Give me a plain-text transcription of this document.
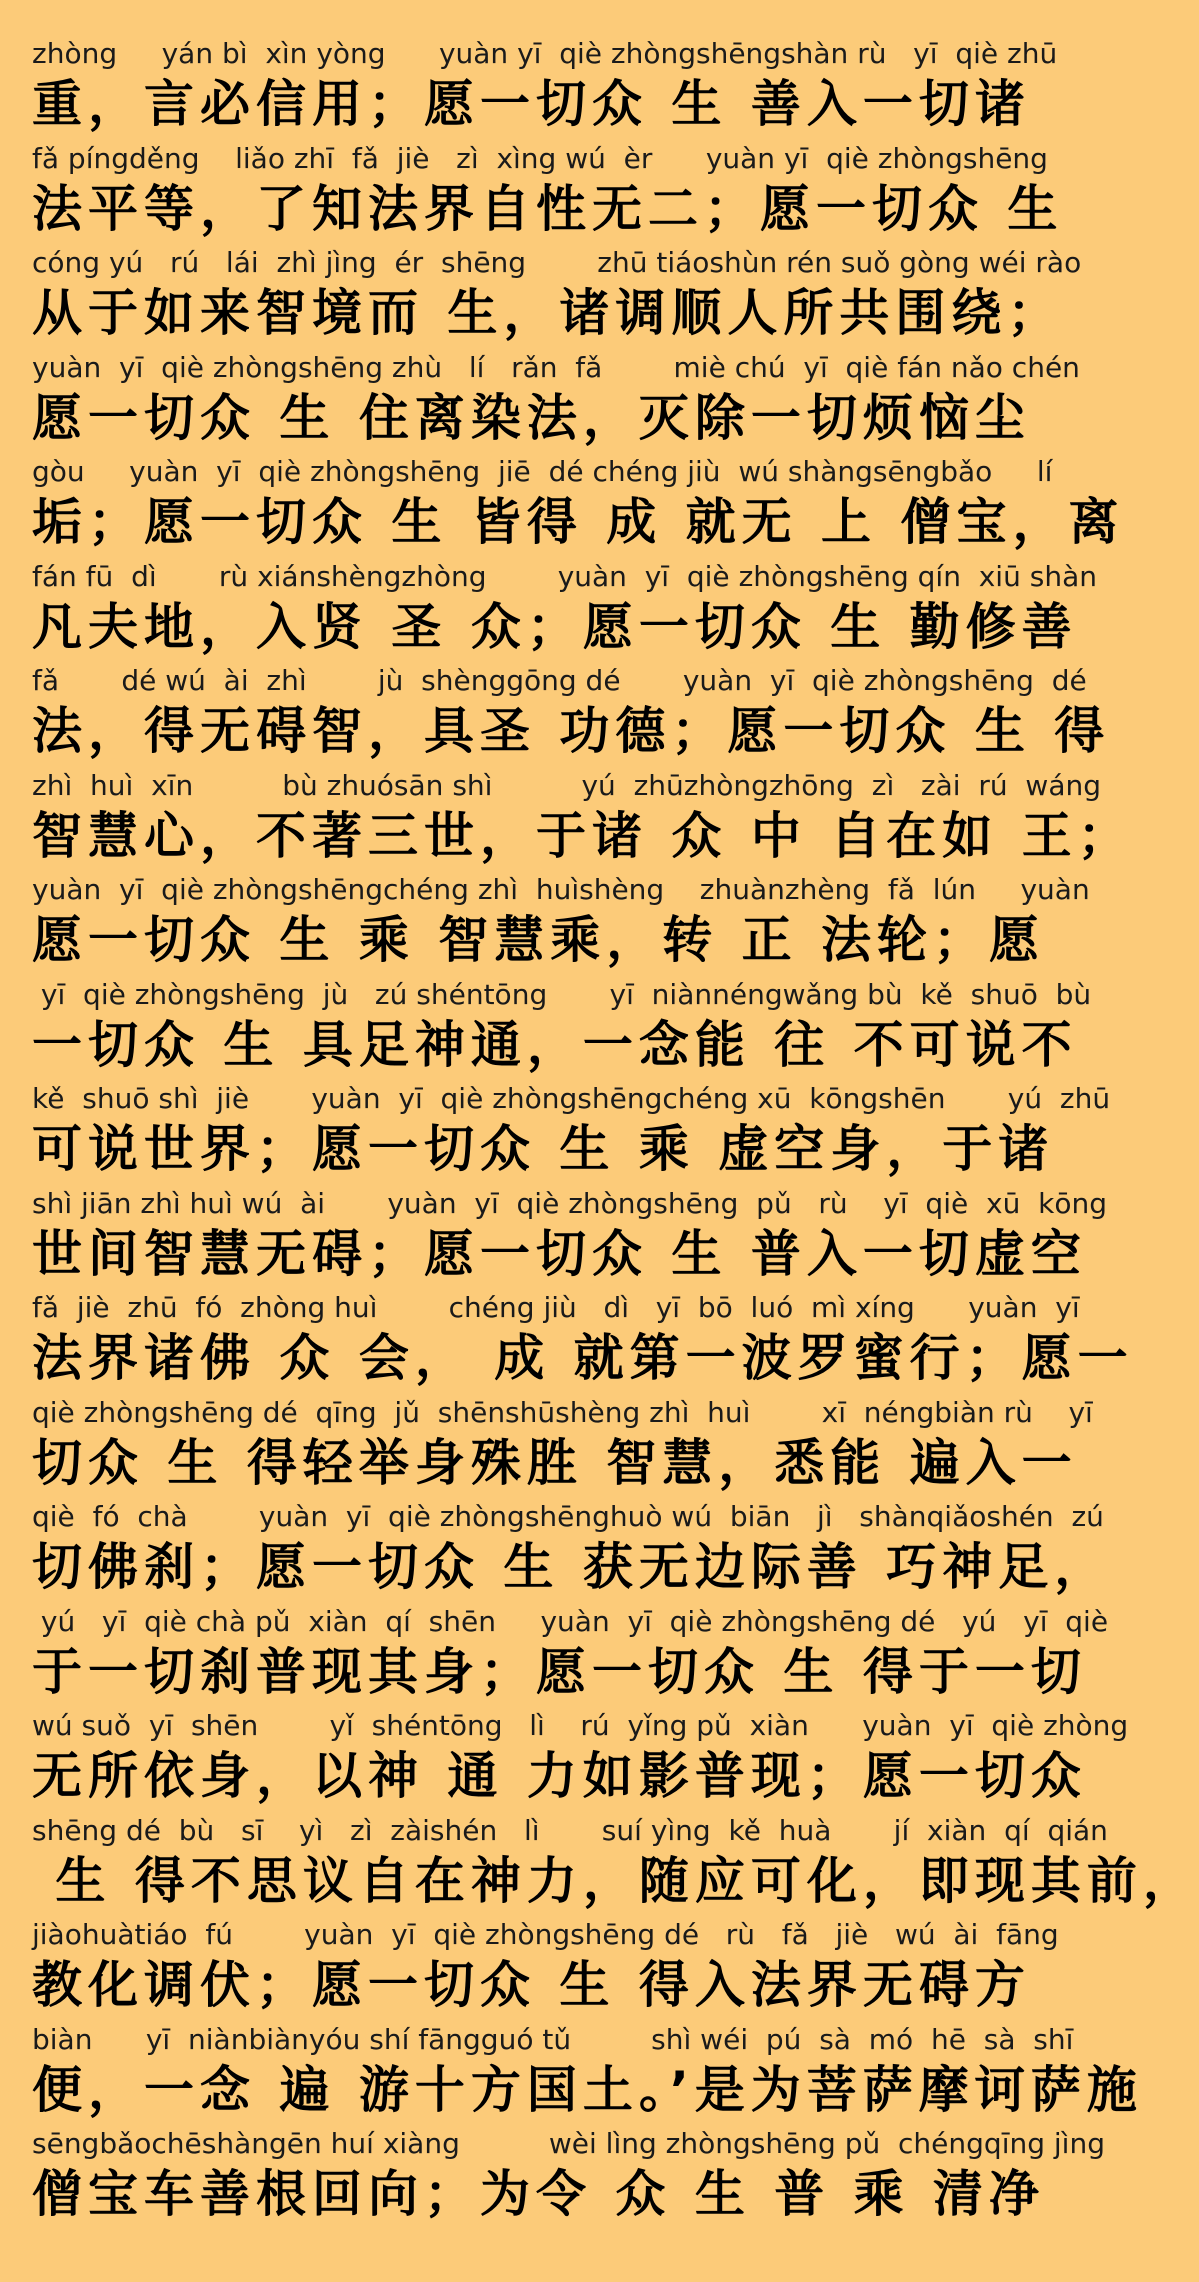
zhòng     yán bì  xìn yòng      yuàn yī  qiè zhòngshēngshàn rù   yī  qiè zhū
重，言必信用；愿一切众 生 善入一切诸
fǎ píngděng    liǎo zhī  fǎ  jiè   zì  xìng wú  èr      yuàn yī  qiè zhòngshēng
法平等，了知法界自性无二；愿一切众 生
cóng yú   rú   lái  zhì jìng  ér  shēng        zhū tiáoshùn rén suǒ gòng wéi rào
从于如来智境而 生，诸调顺人所共围绕；
yuàn  yī  qiè zhòngshēng zhù   lí   rǎn  fǎ        miè chú  yī  qiè fán nǎo chén
愿一切众 生 住离染法，灭除一切烦恼尘
gòu     yuàn  yī  qiè zhòngshēng  jiē  dé chéng jiù  wú shàngsēngbǎo     lí
垢；愿一切众 生 皆得 成 就无 上 僧宝，离
fán fū  dì       rù xiánshèngzhòng        yuàn  yī  qiè zhòngshēng qín  xiū shàn
凡夫地，入贤 圣 众；愿一切众 生 勤修善
fǎ       dé wú  ài  zhì        jù  shènggōng dé       yuàn  yī  qiè zhòngshēng  dé
法，得无碍智，具圣 功德；愿一切众 生 得
zhì  huì  xīn          bù zhuósān shì          yú  zhūzhòngzhōng  zì   zài  rú  wáng
智慧心，不著三世，于诸 众 中 自在如 王；
yuàn  yī  qiè zhòngshēngchéng zhì  huìshèng    zhuànzhèng  fǎ  lún     yuàn
愿一切众 生 乘 智慧乘，转 正 法轮；愿
yī  qiè zhòngshēng  jù   zú shéntōng       yī  niànnéngwǎng bù  kě  shuō  bù
一切众 生 具足神通，一念能 往 不可说不
kě  shuō shì  jiè       yuàn  yī  qiè zhòngshēngchéng xū  kōngshēn       yú  zhū
可说世界；愿一切众 生 乘 虚空身，于诸
shì jiān zhì huì wú  ài       yuàn  yī  qiè zhòngshēng  pǔ   rù    yī  qiè  xū  kōng
世间智慧无碍；愿一切众 生 普入一切虚空
fǎ  jiè  zhū  fó  zhòng huì        chéng jiù   dì   yī  bō  luó  mì xíng      yuàn  yī
法界诸佛 众 会， 成 就第一波罗蜜行；愿一
qiè zhòngshēng dé  qīng  jǔ  shēnshūshèng zhì  huì        xī  néngbiàn rù    yī
切众 生 得轻举身殊胜 智慧，悉能 遍入一
qiè  fó  chà        yuàn  yī  qiè zhòngshēnghuò wú  biān   jì   shànqiǎoshén  zú
切佛刹；愿一切众 生 获无边际善 巧神足，
yú   yī  qiè chà pǔ  xiàn  qí  shēn     yuàn  yī  qiè zhòngshēng dé   yú   yī  qiè
于一切刹普现其身；愿一切众 生 得于一切
wú suǒ  yī  shēn        yǐ  shéntōng   lì    rú  yǐng pǔ  xiàn      yuàn  yī  qiè zhòng
无所依身，以神 通 力如影普现；愿一切众
shēng dé  bù   sī    yì   zì  zàishén   lì       suí yìng  kě  huà       jí  xiàn  qí  qián
生 得不思议自在神力，随应可化，即现其前，
jiàohuàtiáo  fú        yuàn  yī  qiè zhòngshēng dé   rù   fǎ   jiè   wú  ài  fāng
教化调伏；愿一切众 生 得入法界无碍方
biàn      yī  niànbiànyóu shí fāngguó tǔ         shì wéi  pú  sà  mó  hē  sà  shī
便，一念 遍 游十方国土。’是为菩萨摩诃萨施
sēngbǎochēshàngēn huí xiàng          wèi lìng zhòngshēng pǔ  chéngqīng jìng
僧宝车善根回向；为令 众 生 普 乘 清净
